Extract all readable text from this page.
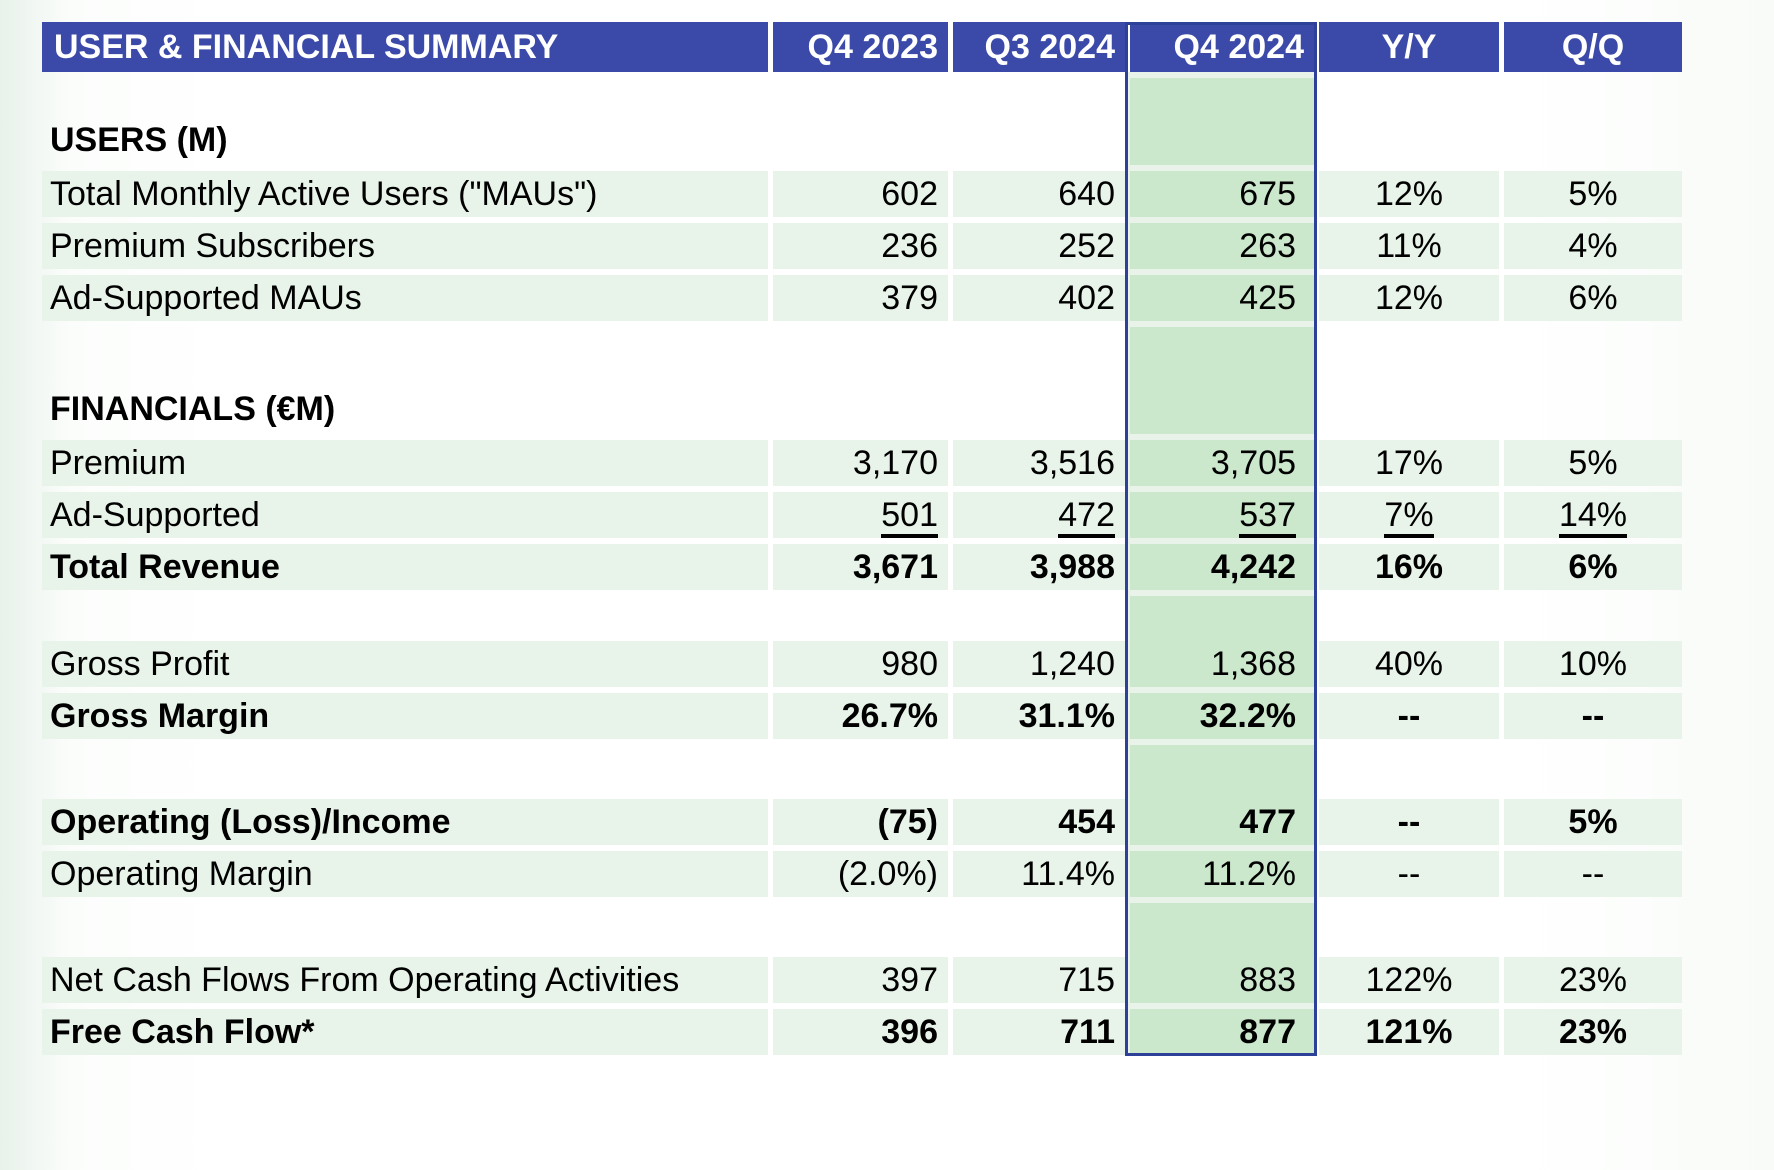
USER & FINANCIAL SUMMARY	Q4 2023	Q3 2024	Q4 2024	Y/Y	Q/Q
USERS (M)
Total Monthly Active Users ("MAUs")	602	640	675	12%	5%
Premium Subscribers	236	252	263	11%	4%
Ad-Supported MAUs	379	402	425	12%	6%
FINANCIALS (€M)
Premium	3,170	3,516	3,705	17%	5%
Ad-Supported	501	472	537	7%	14%
Total Revenue	3,671	3,988	4,242	16%	6%
Gross Profit	980	1,240	1,368	40%	10%
Gross Margin	26.7%	31.1%	32.2%	--	--
Operating (Loss)/Income	(75)	454	477	--	5%
Operating Margin	(2.0%)	11.4%	11.2%	--	--
Net Cash Flows From Operating Activities	397	715	883	122%	23%
Free Cash Flow*	396	711	877	121%	23%
